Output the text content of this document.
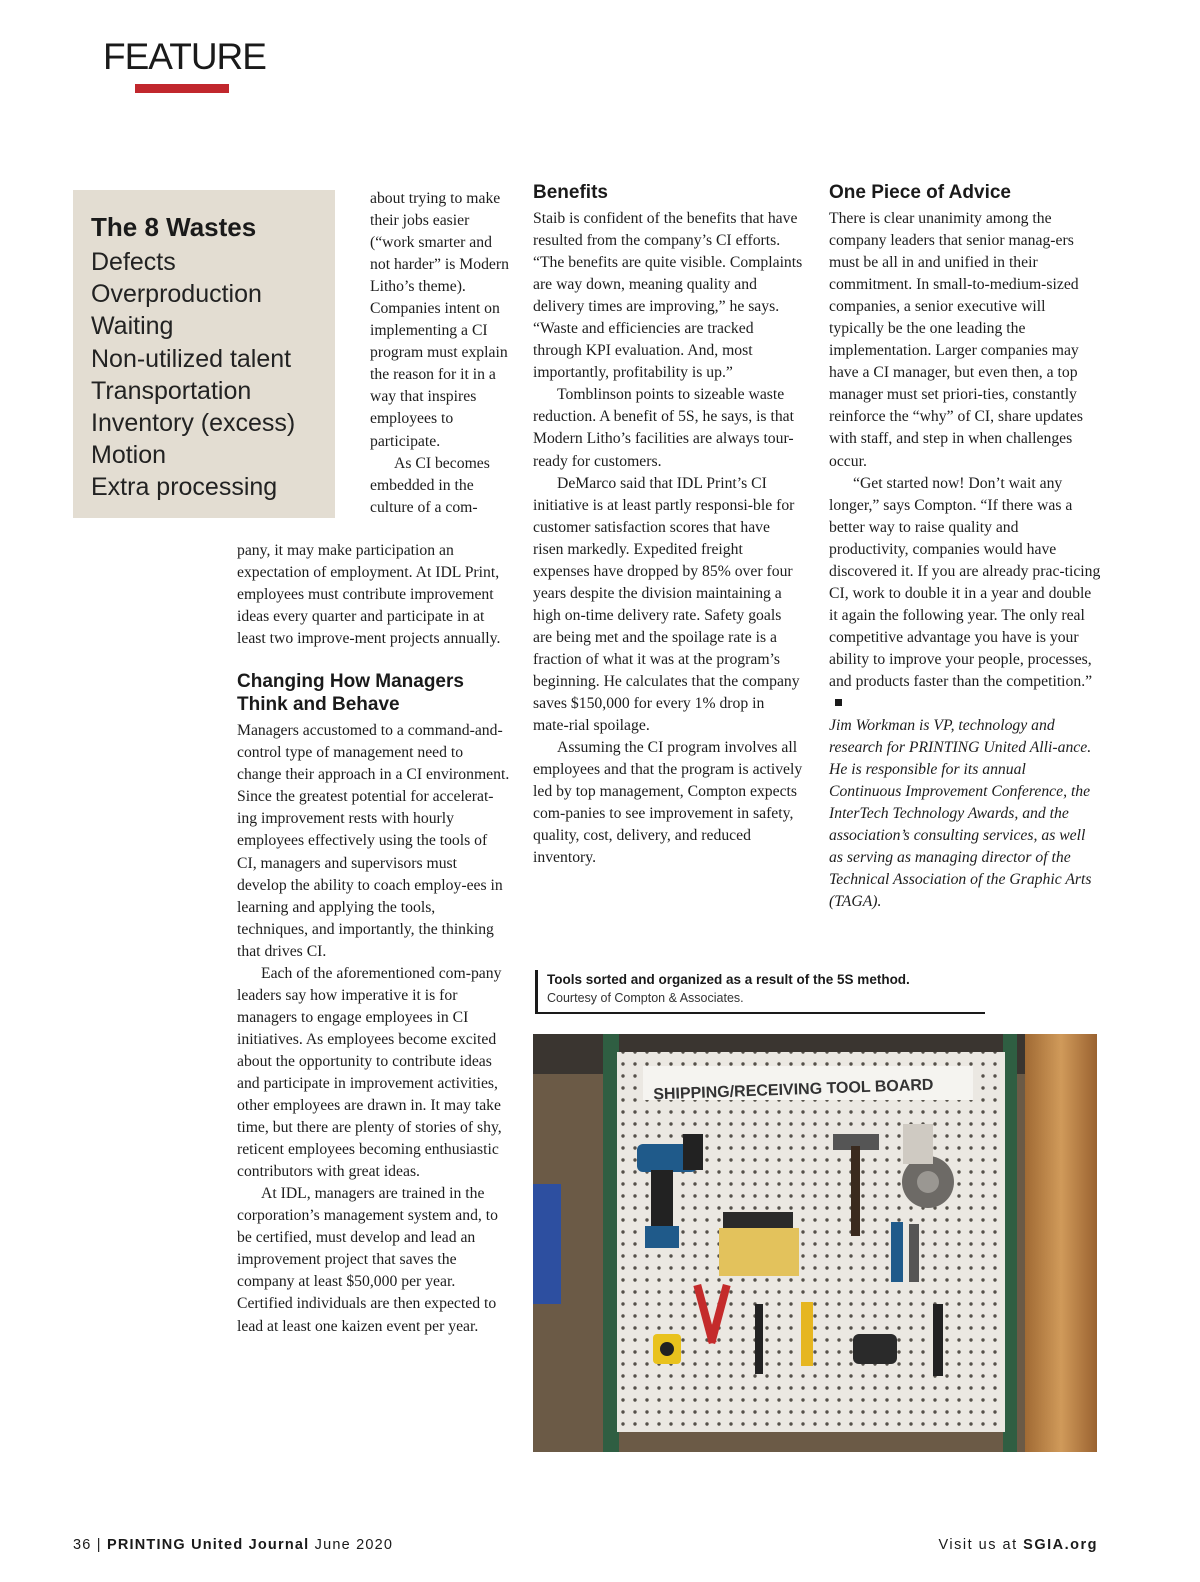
FEATURE
The 8 Wastes
Defects
Overproduction
Waiting
Non-utilized talent
Transportation
Inventory (excess)
Motion
Extra processing

about trying to make their jobs easier (“work smarter and not harder” is Modern Litho’s theme). Companies intent on implementing a CI program must explain the reason for it in a way that inspires employees to participate.

As CI becomes embedded in the culture of a com-

pany, it may make participation an expectation of employment. At IDL Print, employees must contribute improvement ideas every quarter and participate in at least two improve-ment projects annually.

Changing How Managers Think and Behave

Managers accustomed to a command-and-control type of management need to change their approach in a CI environment. Since the greatest potential for accelerat-ing improvement rests with hourly employees effectively using the tools of CI, managers and supervisors must develop the ability to coach employ-ees in learning and applying the tools, techniques, and importantly, the thinking that drives CI.

Each of the aforementioned com-pany leaders say how imperative it is for managers to engage employees in CI initiatives. As employees become excited about the opportunity to contribute ideas and participate in improvement activities, other employees are drawn in. It may take time, but there are plenty of stories of shy, reticent employees becoming enthusiastic contributors with great ideas.

At IDL, managers are trained in the corporation’s management system and, to be certified, must develop and lead an improvement project that saves the company at least $50,000 per year. Certified individuals are then expected to lead at least one kaizen event per year.

Benefits

Staib is confident of the benefits that have resulted from the company’s CI efforts. “The benefits are quite visible. Complaints are way down, meaning quality and delivery times are improving,” he says. “Waste and efficiencies are tracked through KPI evaluation. And, most importantly, profitability is up.”

Tomblinson points to sizeable waste reduction. A benefit of 5S, he says, is that Modern Litho’s facilities are always tour-ready for customers.

DeMarco said that IDL Print’s CI initiative is at least partly responsi-ble for customer satisfaction scores that have risen markedly. Expedited freight expenses have dropped by 85% over four years despite the division maintaining a high on-time delivery rate. Safety goals are being met and the spoilage rate is a fraction of what it was at the program’s beginning. He calculates that the company saves $150,000 for every 1% drop in mate-rial spoilage.

Assuming the CI program involves all employees and that the program is actively led by top management, Compton expects com-panies to see improvement in safety, quality, cost, delivery, and reduced inventory.

One Piece of Advice

There is clear unanimity among the company leaders that senior manag-ers must be all in and unified in their commitment. In small-to-medium-sized companies, a senior executive will typically be the one leading the implementation. Larger companies may have a CI manager, but even then, a top manager must set priori-ties, constantly reinforce the “why” of CI, share updates with staff, and step in when challenges occur.

“Get started now! Don’t wait any longer,” says Compton. “If there was a better way to raise quality and productivity, companies would have discovered it. If you are already prac-ticing CI, work to double it in a year and double it again the following year. The only real competitive advantage you have is your ability to improve your people, processes, and products faster than the competition.”

Jim Workman is VP, technology and research for PRINTING United Alli-ance. He is responsible for its annual Continuous Improvement Conference, the InterTech Technology Awards, and the association’s consulting services, as well as serving as managing director of the Technical Association of the Graphic Arts (TAGA).

Tools sorted and organized as a result of the 5S method.
Courtesy of Compton & Associates.
SHIPPING/RECEIVING TOOL BOARD
36 | PRINTING United Journal June 2020	Visit us at SGIA.org
